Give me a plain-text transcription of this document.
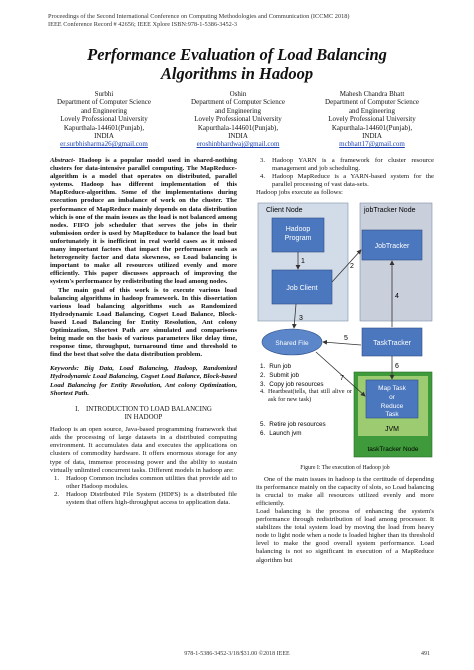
Proceedings of the Second International Conference on Computing Methodologies and Communication (ICCMC 2018)
IEEE Conference Record # 42656; IEEE Xplore ISBN:978-1-5386-3452-3
Performance Evaluation of Load Balancing
Algorithms in Hadoop
Surbhi
Department of Computer Science
and Engineering
Lovely Professional University
Kapurthala-144601(Punjab),
INDIA
er.surbhisharma26@gmail.com
Oshin
Department of Computer Science
and Engineering
Lovely Professional University
Kapurthala-144601(Punjab),
INDIA
eroshinbhardwaj@gmail.com
Mahesh Chandra Bhatt
Department of Computer Science
and Engineering
Lovely Professional University
Kapurthala-144601(Punjab),
INDIA
mcbhatt17@gmail.com

Abstract- Hadoop is a popular model used in shared-nothing clusters for data-intensive parallel computing. The MapReduce-algorithm is a model that operates on distributed, parallel systems. Hadoop has different implementation of this MapReduce-algorithm. Some of the implementations during execution produce an imbalance of work on the cluster. The performance of MapReduce mainly depends on data distribution which is one of the main issues as the load is not balanced among nodes. FIFO job scheduler that serves the jobs in their submission order is used by MapReduce to balance the load but unfortunately it is inefficient in real world cases as it missed many important factors that impact the performance such as heterogeneity factor and data skewness, so Load balancing is important to make all resources utilized evenly and more efficiently. This paper discusses approach of improving the system's performance by redistributing the load among nodes.

The main goal of this work is to execute various load balancing algorithms in hadoop framework. In this dissertation various load balancing algorithms such as Randomized Hydrodynamic Load Balancing, Cogset Load Balance, Block-based Load Balancing for Entity Resolution, Ant colony Optimization, Shortest Path are simulated and comparisons being made on the basis of various parameters like delay time, response time, throughput, turnaround time and threshold to find the best that solve the data distribution problem.

Keywords: Big Data, Load Balancing, Hadoop, Randomized Hydrodynamic Load Balancing, Cogset Load Balance, Block-based Load Balancing for Entity Resolution, Ant colony Optimization, Shortest Path.
I. INTRODUCTION TO LOAD BALANCING
IN HADOOP

Hadoop is an open source, Java-based programming framework that aids the processing of large datasets in a distributed computing environment. It accumulates data and executes the applications on clusters of commodity hardware. It offers enormous storage for any type of data, immense processing power and the ability to sustain virtually unlimited concurrent tasks. Different models in hadoop are:

1. Hadoop Common includes common utilities that provide aid to other Hadoop modules.
2. Hadoop Distributed File System (HDFS) is a distributed file system that offers high-throughput access to application data.
3. Hadoop YARN is a framework for cluster resource management and job scheduling.
4. Hadoop MapReduce is a YARN-based system for the parallel processing of vast data-sets.

Hadoop jobs execute as follows:

Client Node	jobTracker Node
Hadoop
Program
Job Client
JobTracker
TaskTracker
Map Task
or
Reduce
Task
JVM
taskTracker Node
Shared File
1
2
3
4
5
6
7
1. Run job
2. Submit job
3. Copy job resources
4. Heartbeat(tells, that still alive or ask for new task)
5. Retire job resources
6. Launch jvm
Figure I: The execution of Hadoop job

One of the main issues in hadoop is the certitude of depending its performance mainly on the capacity of slots, so Load balancing is crucial to make all resources utilized evenly and more efficiently.

Load balancing is the process of enhancing the system's performance through redistribution of load among processor. It stabilizes the total system load by moving the load from heavy node to light node when a node is loaded higher than its threshold level to make the good overall system performance. Load balancing is not so significant in execution of a MapReduce algorithm but

978-1-5386-3452-3/18/$31.00 ©2018 IEEE	491
